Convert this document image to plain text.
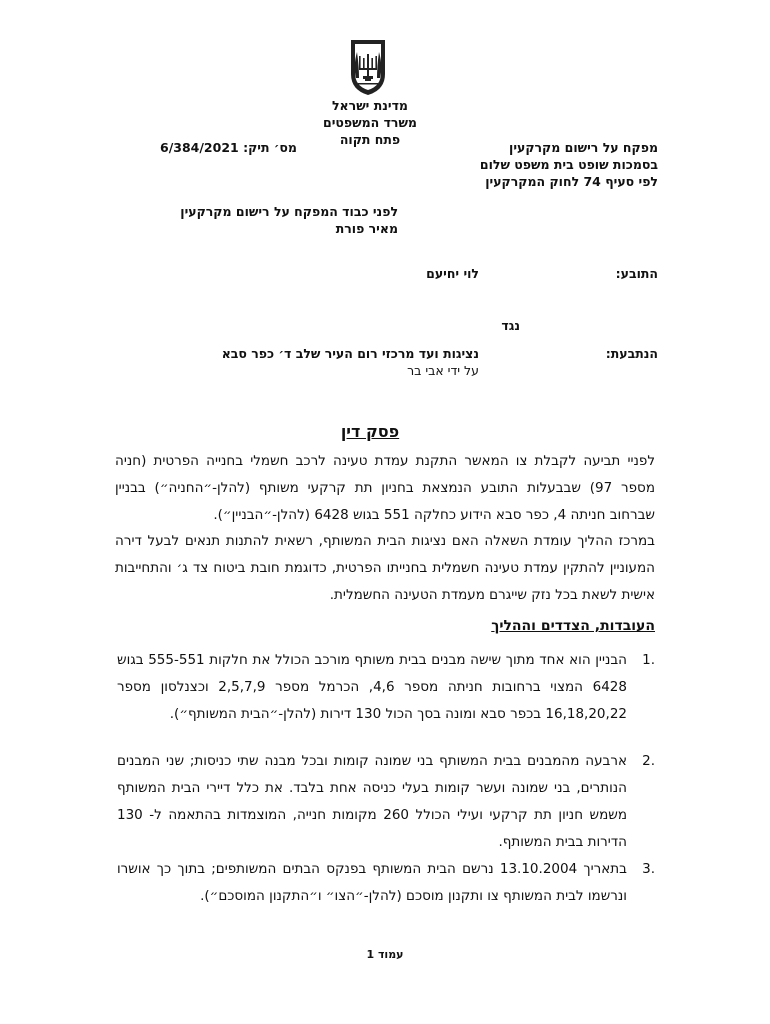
מדינת ישראל
משרד המשפטים
פתח תקוה
מס׳ תיק: 6/384/2021	מפקח על רישום מקרקעין
בסמכות שופט בית משפט שלום
לפי סעיף 74 לחוק המקרקעין
לפני כבוד המפקח על רישום מקרקעין
מאיר פורת
התובע:
לוי יחיעם
נגד
הנתבעת:
נציגות ועד מרכזי רום העיר שלב ד׳ כפר סבא
על ידי אבי בר
פסק דין
לפניי תביעה לקבלת צו המאשר התקנת עמדת טעינה לרכב חשמלי בחנייה הפרטית (חניה מספר 97) שבבעלות התובע הנמצאת בחניון תת קרקעי משותף (להלן-״החניה״) בבניין שברחוב חניתה 4, כפר סבא הידוע כחלקה 551 בגוש 6428 (להלן-״הבניין״).
במרכז ההליך עומדת השאלה האם נציגות הבית המשותף, רשאית להתנות תנאים לבעל דירה המעוניין להתקין עמדת טעינה חשמלית בחנייתו הפרטית, כדוגמת חובת ביטוח צד ג׳ והתחייבות אישית לשאת בכל נזק שייגרם מעמדת הטעינה החשמלית.
העובדות, הצדדים וההליך
1.
הבניין הוא אחד מתוך שישה מבנים בבית משותף מורכב הכולל את חלקות 555-551 בגוש 6428 המצוי ברחובות חניתה מספר 4,6, הכרמל מספר 2,5,7,9 וכצנלסון מספר 16,18,20,22 בכפר סבא ומונה בסך הכול 130 דירות (להלן-״הבית המשותף״).
2.
ארבעה מהמבנים בבית המשותף בני שמונה קומות ובכל מבנה שתי כניסות; שני המבנים הנותרים, בני שמונה ועשר קומות בעלי כניסה אחת בלבד. את כלל דיירי הבית המשותף משמש חניון תת קרקעי ועילי הכולל 260 מקומות חנייה, המוצמדות בהתאמה ל- 130 הדירות בבית המשותף.
3.
בתאריך 13.10.2004 נרשם הבית המשותף בפנקס הבתים המשותפים; בתוך כך אושרו ונרשמו לבית המשותף צו ותקנון מוסכם (להלן-״הצו״ ו״התקנון המוסכם״).
עמוד 1
